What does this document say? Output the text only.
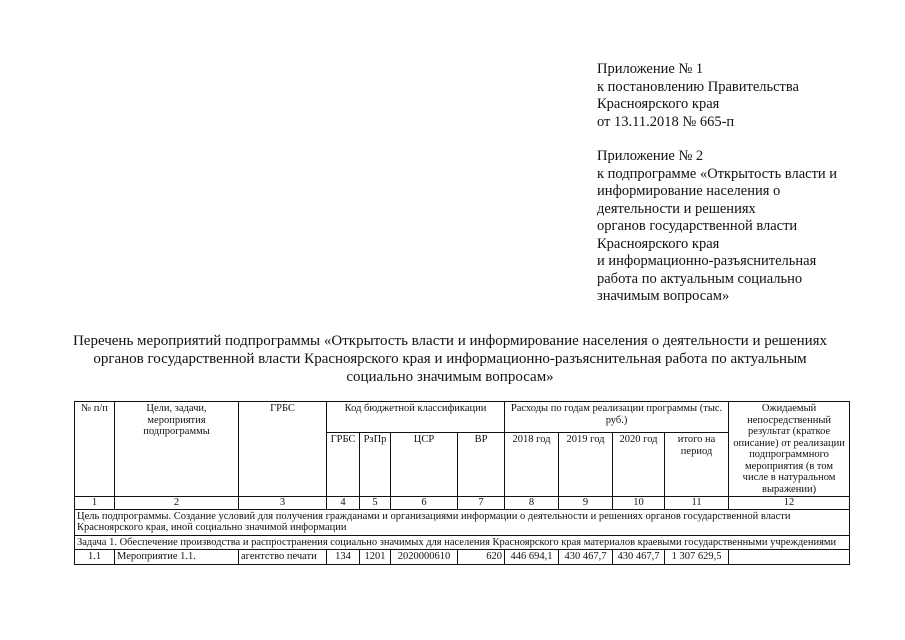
Приложение № 1
к постановлению Правительства
Красноярского края
от 13.11.2018 № 665-п
Приложение № 2
к подпрограмме «Открытость власти и
информирование населения о
деятельности и решениях
органов государственной власти
Красноярского края
и информационно-разъяснительная
работа по актуальным социально
значимым вопросам»
Перечень мероприятий подпрограммы «Открытость власти и информирование населения о деятельности и решениях
органов государственной власти Красноярского края и информационно-разъяснительная работа по актуальным
социально значимым вопросам»
№ п/п	Цели, задачи, мероприятия подпрограммы	ГРБС	Код бюджетной классификации				Расходы по годам реализации программы (тыс. руб.)				Ожидаемый непосредственный результат (краткое описание) от реализации подпрограммного мероприятия (в том числе в натуральном выражении)
			ГРБС	РзПр	ЦСР	ВР	2018 год	2019 год	2020 год	итого на период	
1	2	3	4	5	6	7	8	9	10	11	12
Цель подпрограммы. Создание условий для получения гражданами и организациями информации о деятельности и решениях органов государственной власти Красноярского края, иной социально значимой информации											
Задача 1. Обеспечение производства и распространения социально значимых для населения Красноярского края материалов краевыми государственными учреждениями											
1.1	Мероприятие 1.1.	агентство печати	134	1201	2020000610	620	446 694,1	430 467,7	430 467,7	1 307 629,5	
